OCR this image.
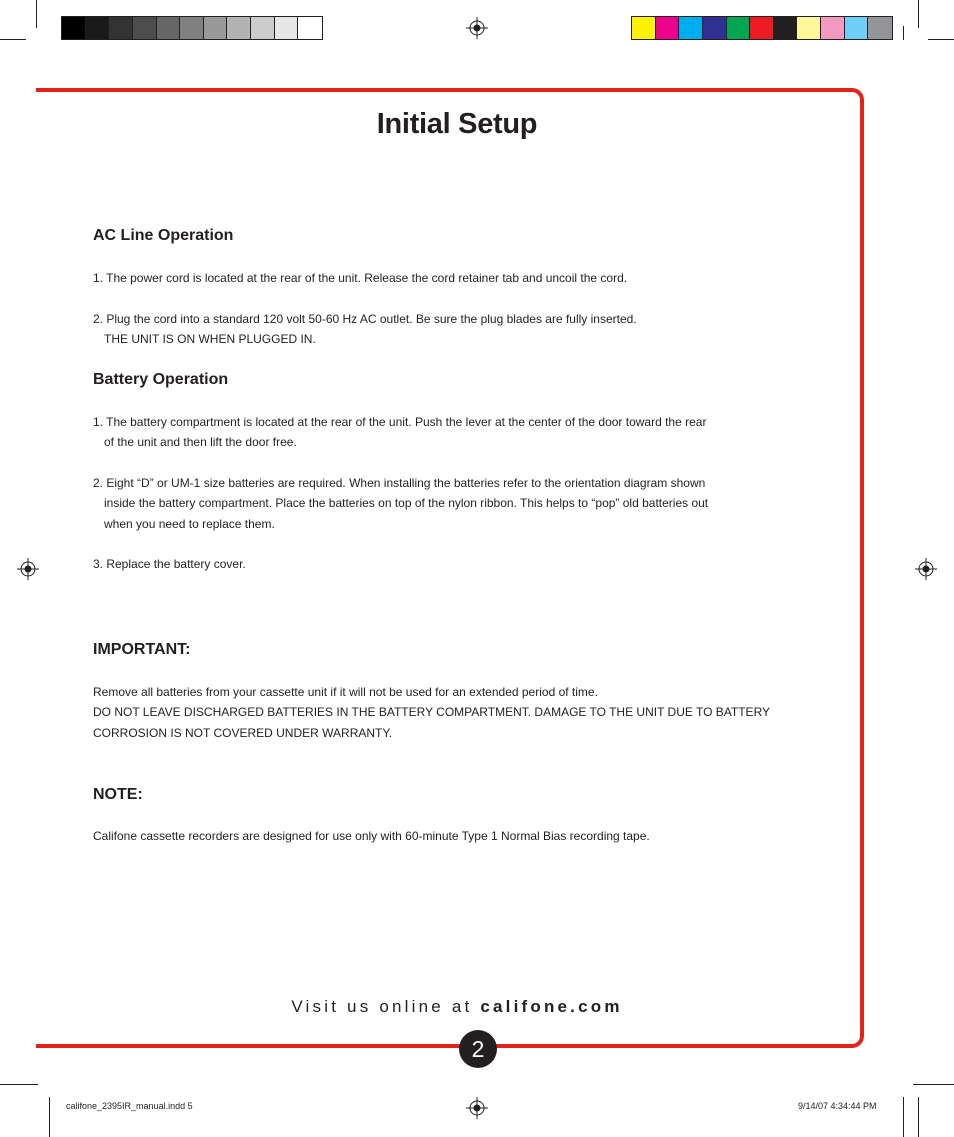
Initial Setup
AC Line Operation
1. The power cord is located at the rear of the unit. Release the cord retainer tab and uncoil the cord.
2. Plug the cord into a standard 120 volt 50-60 Hz AC outlet. Be sure the plug blades are fully inserted.
THE UNIT IS ON WHEN PLUGGED IN.
Battery Operation
1. The battery compartment is located at the rear of the unit. Push the lever at the center of the door toward the rear
of the unit and then lift the door free.
2. Eight “D” or UM-1 size batteries are required. When installing the batteries refer to the orientation diagram shown
inside the battery compartment. Place the batteries on top of the nylon ribbon. This helps to “pop” old batteries out
when you need to replace them.
3. Replace the battery cover.
IMPORTANT:
Remove all batteries from your cassette unit if it will not be used for an extended period of time.
DO NOT LEAVE DISCHARGED BATTERIES IN THE BATTERY COMPARTMENT. DAMAGE TO THE UNIT DUE TO BATTERY
CORROSION IS NOT COVERED UNDER WARRANTY.
NOTE:
Califone cassette recorders are designed for use only with 60-minute Type 1 Normal Bias recording tape.
Visit us online at califone.com
2
califone_2395IR_manual.indd 5	9/14/07 4:34:44 PM
